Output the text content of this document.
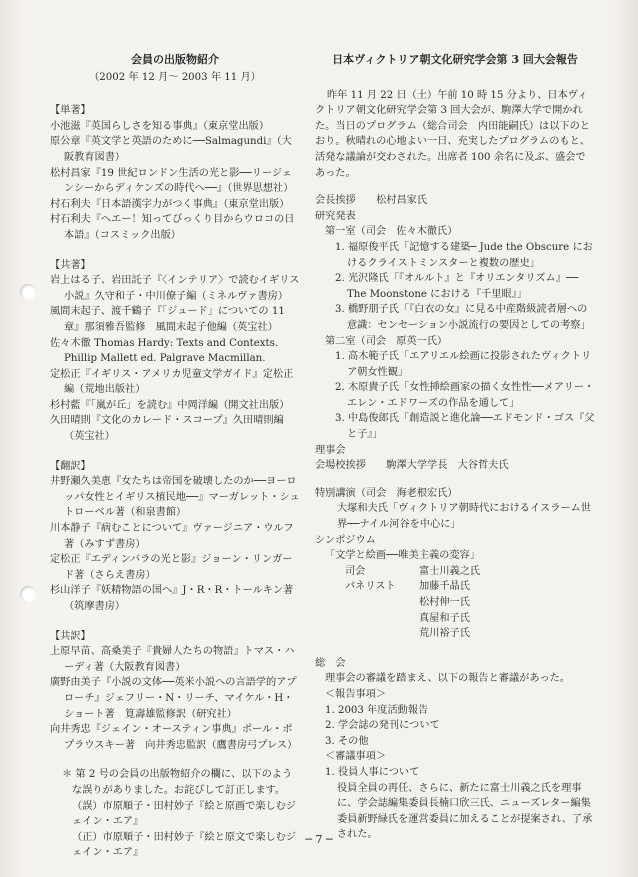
会員の出版物紹介
（2002 年 12 月～ 2003 年 11 月）
【単著】
小池滋『英国らしさを知る事典』（東京堂出版）
原公章『英文学と英語のために──Salmagundi』（大阪教育図書）
松村昌家『19 世紀ロンドン生活の光と影──リージェンシーからディケンズの時代へ──』（世界思想社）
村石利夫『日本語漢字力がつく事典』（東京堂出版）
村石利夫『へエー！知ってびっくり目からウロコの日本語』（コスミック出版）
【共著】
岩上はる子、岩田託子『〈インテリア〉で読むイギリス小説』久守和子・中川僚子編（ミネルヴァ書房）
風間末起子、渡千鶴子『「ジュード」についての 11 章』那須雅吾監修　風間末起子他編（英宝社）
佐々木徹 Thomas Hardy: Texts and Contexts. Phillip Mallett ed. Palgrave Macmillan.
定松正『イギリス・アメリカ児童文学ガイド』定松正編（荒地出版社）
杉村藍『「嵐が丘」を読む』中岡洋編（開文社出版）
久田晴則『文化のカレード・スコープ』久田晴則編（英宝社）
【翻訳】
井野瀬久美恵『女たちは帝国を破壊したのか──ヨーロッパ女性とイギリス植民地──』マーガレット・シュトローベル著（和泉書館）
川本静子『病むことについて』ヴァージニア・ウルフ著（みすず書房）
定松正『エディンバラの光と影』ジョーン・リンガード著（さらえ書房）
杉山洋子『妖精物語の国へ』J・R・R・トールキン著（筑摩書房）
【共訳】
上原早苗、高桑美子『貴婦人たちの物語』トマス・ハーディ著（大阪教育図書）
廣野由美子『小説の文体──英米小説への言語学的アプローチ』ジェフリー・N・リーチ、マイケル・H・ショート著　筧壽雄監修訳（研究社）
向井秀忠『ジェイン・オースティン事典』ポール・ポプラウスキー著　向井秀忠監訳（鷹書房弓プレス）
＊ 第 2 号の会員の出版物紹介の欄に、以下のような誤りがありました。お詫びして訂正します。
（誤）市原順子・田村妙子『絵と原画で楽しむジェイン・エア』
（正）市原順子・田村妙子『絵と原文で楽しむジェイン・エア』
日本ヴィクトリア朝文化研究学会第 3 回大会報告
昨年 11 月 22 日（土）午前 10 時 15 分より、日本ヴィクトリア朝文化研究学会第 3 回大会が、駒澤大学で開かれた。当日のプログラム（総合司会　内田能嗣氏）は以下のとおり。秋晴れの心地よい一日、充実したプログラムのもと、活発な議論が交わされた。出席者 100 余名に及ぶ、盛会であった。
会長挨拶　　松村昌家氏
研究発表
第一室（司会　佐々木徹氏）
1. 福原俊平氏「記憶する建築─ Jude the Obscure におけるクライストミンスターと複数の歴史」
2. 光沢隆氏「『オルルト』と『オリエンタリズム』── The Moonstone における『千里眼』」
3. 橋野朋子氏「『白衣の女』に見る中産階級読者層への意識：センセーション小説流行の要因としての考察」
第二室（司会　原英一氏）
1. 高木範子氏「エアリエル絵画に投影されたヴィクトリア朝女性観」
2. 木原貴子氏「女性挿絵画家の描く女性性──メアリー・エレン・エドワーズの作品を通して」
3. 中島俊郎氏「創造説と進化論──エドモンド・ゴス『父と子』」
理事会
会場校挨拶　　駒澤大学学長　大谷哲夫氏
特別講演（司会　海老根宏氏）
大塚和夫氏「ヴィクトリア朝時代におけるイスラーム世界──ナイル河谷を中心に」
シンポジウム
「文学と絵画──唯美主義の変容」
司会	富士川義之氏
パネリスト	加藤千晶氏
松村伸一氏
真屋和子氏
荒川裕子氏
総　会
理事会の審議を踏まえ、以下の報告と審議があった。
＜報告事項＞
1. 2003 年度活動報告
2. 学会誌の発刊について
3. その他
＜審議事項＞
1. 役員人事について
役員全員の再任、さらに、新たに富士川義之氏を理事に、学会誌編集委員長楠口欣三氏、ニューズレター編集委員新野緑氏を運営委員に加えることが提案され、了承された。
─ 7 ─
